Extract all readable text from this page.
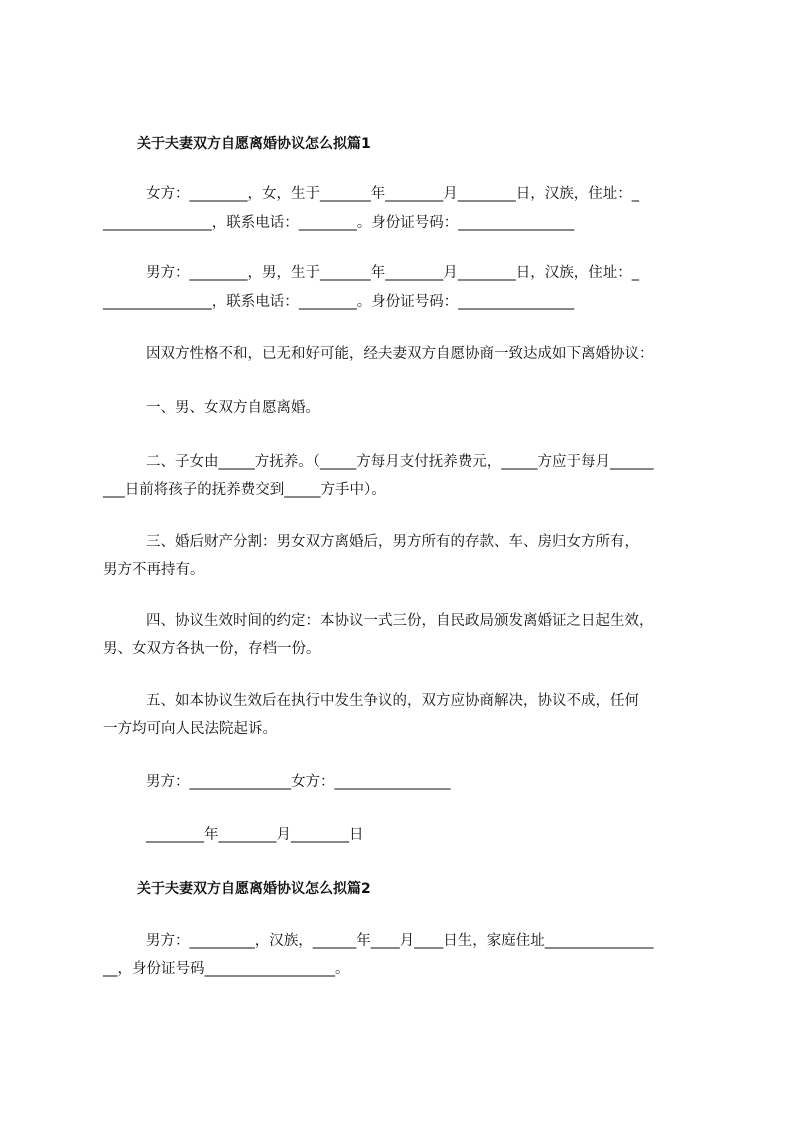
关于夫妻双方自愿离婚协议怎么拟篇1
女方：________，女，生于_______年________月________日，汉族，住址：_
_______________，联系电话：________。身份证号码：________________
男方：________，男，生于_______年________月________日，汉族，住址：_
_______________，联系电话：________。身份证号码：________________
因双方性格不和，已无和好可能，经夫妻双方自愿协商一致达成如下离婚协议：
一、男、女双方自愿离婚。
二、子女由_____方抚养。（_____方每月支付抚养费元，_____方应于每月______
___日前将孩子的抚养费交到_____方手中）。
三、婚后财产分割：男女双方离婚后，男方所有的存款、车、房归女方所有，
男方不再持有。
四、协议生效时间的约定：本协议一式三份，自民政局颁发离婚证之日起生效，
男、女双方各执一份，存档一份。
五、如本协议生效后在执行中发生争议的，双方应协商解决，协议不成，任何
一方均可向人民法院起诉。
男方：______________女方：________________
________年________月________日
关于夫妻双方自愿离婚协议怎么拟篇2
男方：_________，汉族，______年____月____日生，家庭住址_______________
__，身份证号码__________________。
